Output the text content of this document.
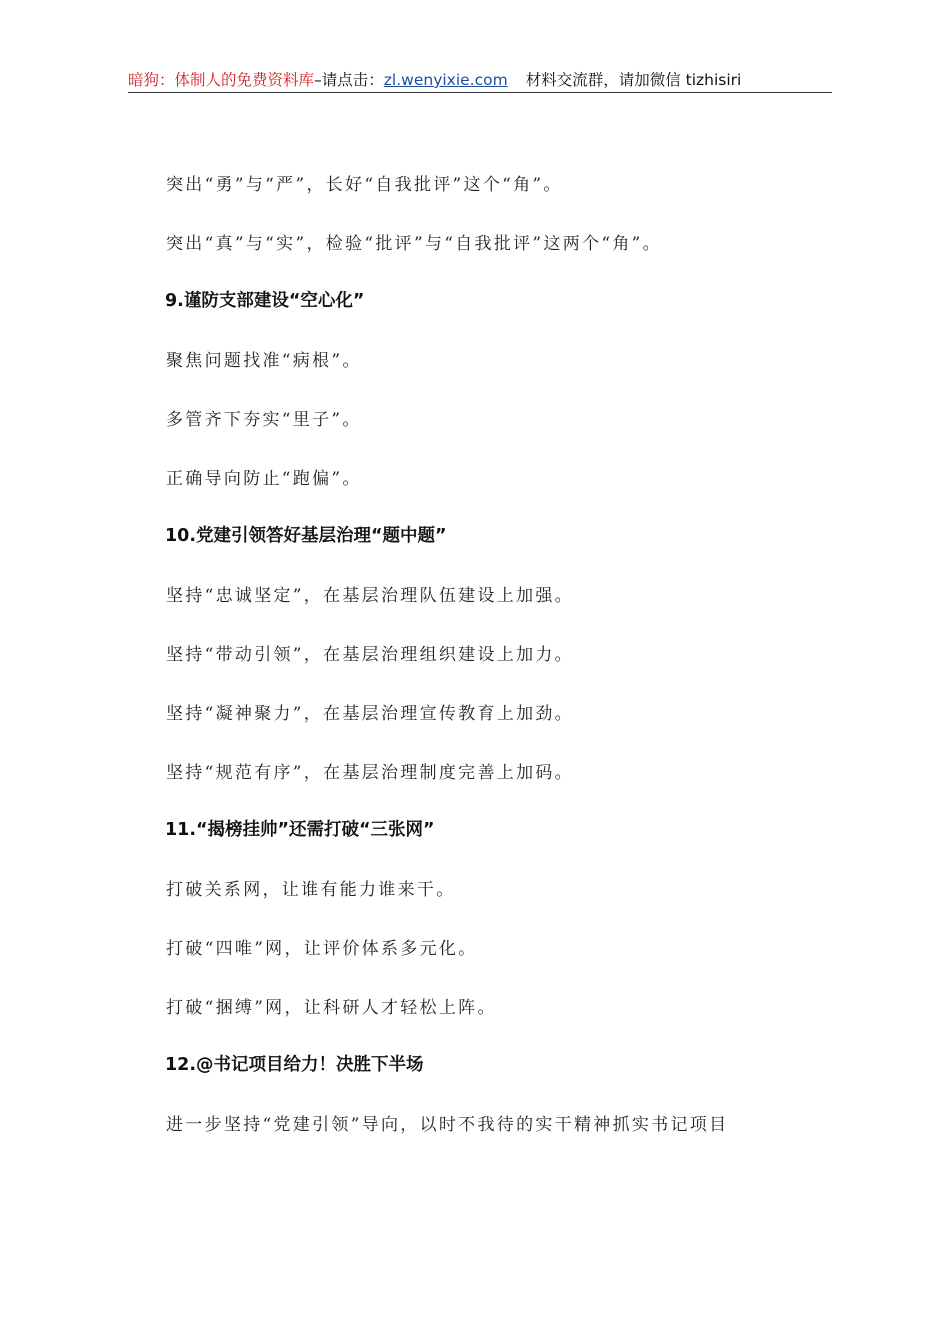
暗狗：体制人的免费资料库–请点击：zl.wenyixie.com 材料交流群，请加微信 tizhisiri
突出“勇”与“严”，长好“自我批评”这个“角”。
突出“真”与“实”，检验“批评”与“自我批评”这两个“角”。
9.谨防支部建设“空心化”
聚焦问题找准“病根”。
多管齐下夯实“里子”。
正确导向防止“跑偏”。
10.党建引领答好基层治理“题中题”
坚持“忠诚坚定”，在基层治理队伍建设上加强。
坚持“带动引领”，在基层治理组织建设上加力。
坚持“凝神聚力”，在基层治理宣传教育上加劲。
坚持“规范有序”，在基层治理制度完善上加码。
11.“揭榜挂帅”还需打破“三张网”
打破关系网，让谁有能力谁来干。
打破“四唯”网，让评价体系多元化。
打破“捆缚”网，让科研人才轻松上阵。
12.@书记项目给力！决胜下半场
进一步坚持“党建引领”导向，以时不我待的实干精神抓实书记项目
